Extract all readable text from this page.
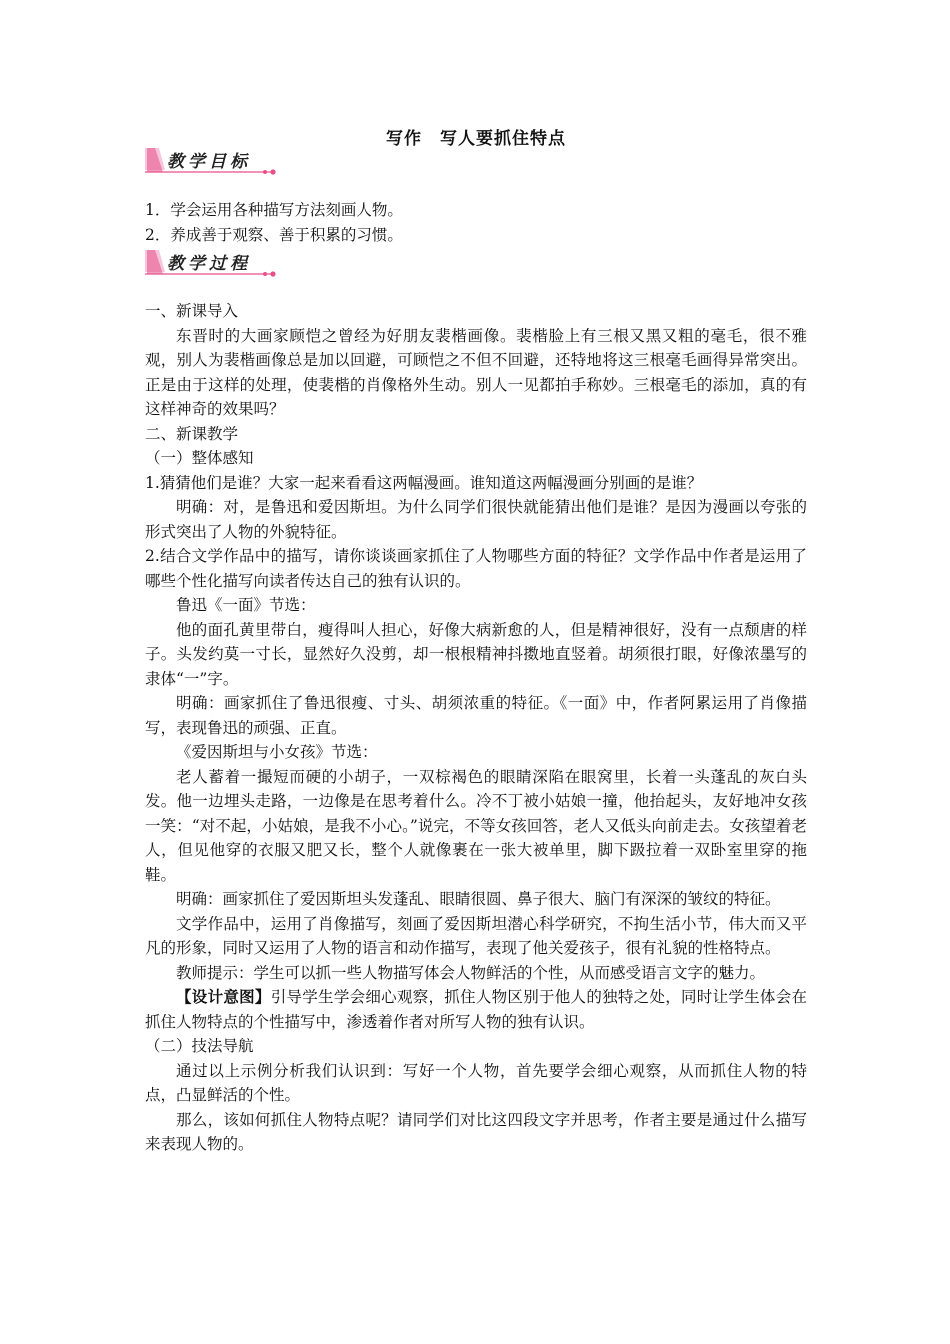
写作　写人要抓住特点
教学目标

1．学会运用各种描写方法刻画人物。

2．养成善于观察、善于积累的习惯。

教学过程

一、新课导入

东晋时的大画家顾恺之曾经为好朋友裴楷画像。裴楷脸上有三根又黑又粗的毫毛，很不雅观，别人为裴楷画像总是加以回避，可顾恺之不但不回避，还特地将这三根毫毛画得异常突出。正是由于这样的处理，使裴楷的肖像格外生动。别人一见都拍手称妙。三根毫毛的添加，真的有这样神奇的效果吗？

二、新课教学

（一）整体感知

1.猜猜他们是谁？大家一起来看看这两幅漫画。谁知道这两幅漫画分别画的是谁？

明确：对，是鲁迅和爱因斯坦。为什么同学们很快就能猜出他们是谁？是因为漫画以夸张的形式突出了人物的外貌特征。

2.结合文学作品中的描写，请你谈谈画家抓住了人物哪些方面的特征？文学作品中作者是运用了哪些个性化描写向读者传达自己的独有认识的。

鲁迅《一面》节选：

他的面孔黄里带白，瘦得叫人担心，好像大病新愈的人，但是精神很好，没有一点颓唐的样子。头发约莫一寸长，显然好久没剪，却一根根精神抖擞地直竖着。胡须很打眼，好像浓墨写的隶体“一”字。

明确：画家抓住了鲁迅很瘦、寸头、胡须浓重的特征。《一面》中，作者阿累运用了肖像描写，表现鲁迅的顽强、正直。

《爱因斯坦与小女孩》节选：

老人蓄着一撮短而硬的小胡子，一双棕褐色的眼睛深陷在眼窝里，长着一头蓬乱的灰白头发。他一边埋头走路，一边像是在思考着什么。冷不丁被小姑娘一撞，他抬起头，友好地冲女孩一笑：“对不起，小姑娘，是我不小心。”说完，不等女孩回答，老人又低头向前走去。女孩望着老人，但见他穿的衣服又肥又长，整个人就像裹在一张大被单里，脚下趿拉着一双卧室里穿的拖鞋。

明确：画家抓住了爱因斯坦头发蓬乱、眼睛很圆、鼻子很大、脑门有深深的皱纹的特征。

文学作品中，运用了肖像描写，刻画了爱因斯坦潜心科学研究，不拘生活小节，伟大而又平凡的形象，同时又运用了人物的语言和动作描写，表现了他关爱孩子，很有礼貌的性格特点。

教师提示：学生可以抓一些人物描写体会人物鲜活的个性，从而感受语言文字的魅力。

【设计意图】引导学生学会细心观察，抓住人物区别于他人的独特之处，同时让学生体会在抓住人物特点的个性描写中，渗透着作者对所写人物的独有认识。

（二）技法导航

通过以上示例分析我们认识到：写好一个人物，首先要学会细心观察，从而抓住人物的特点，凸显鲜活的个性。

那么，该如何抓住人物特点呢？请同学们对比这四段文字并思考，作者主要是通过什么描写来表现人物的。
